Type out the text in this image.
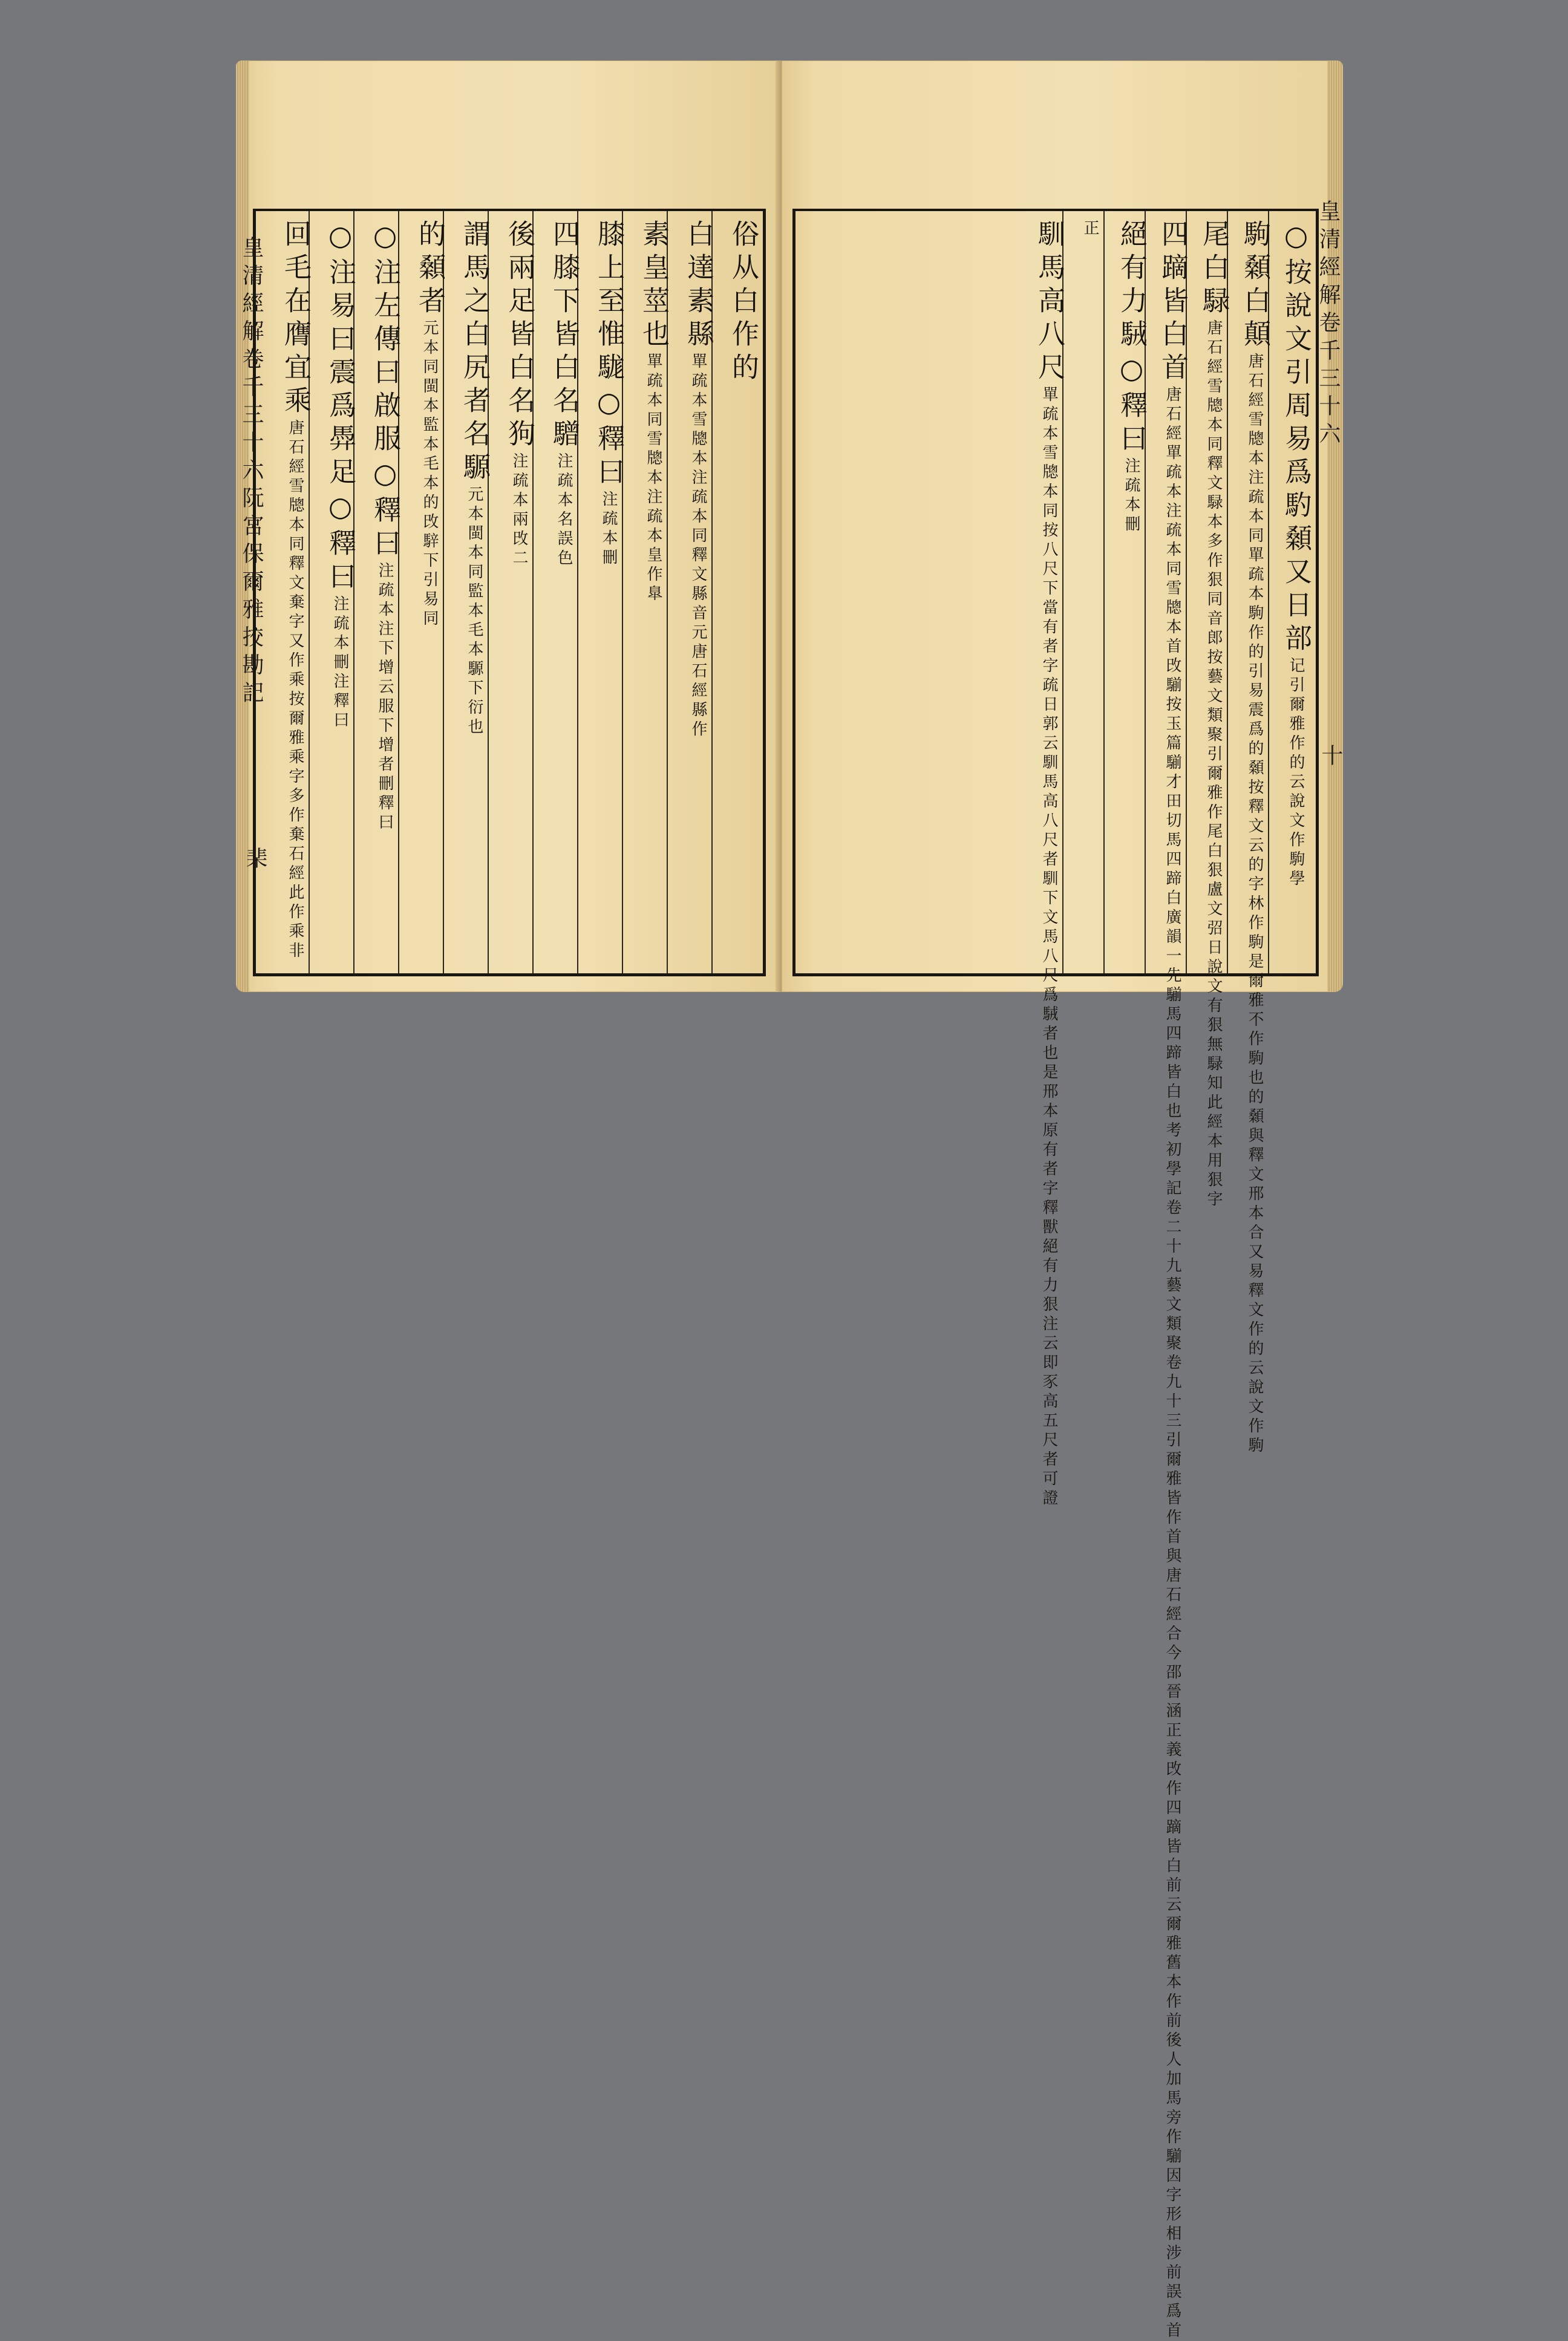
皇清經解卷千三十六阮宮保爾雅挍勘記
棐
俗从白作的
白達素縣單疏本雪牕本注疏本同釋文縣音元唐石經縣作
素皇莖也單疏本同雪牕本注疏本皇作臯
膝上至惟駹○釋曰注疏本刪
四膝下皆白名驓注疏本名誤色
後兩足皆白名狗注疏本兩攺二
謂馬之白尻者名騵元本閩本同監本毛本騵下衍也
的顙者元本同閩本監本毛本的攺騂下引易同
○注左傳曰啟服○釋曰注疏本注下增云服下增者刪釋曰
○注易曰震爲馵足○釋曰注疏本刪注釋曰
回毛在膺宜乘唐石經雪牕本同釋文棄字又作乘按爾雅乘字多作棄石經此作乘非	○按說文引周易爲馰顙又日部记引爾雅作的云說文作駒學
駒顙白顛唐石經雪牕本注疏本同單疏本駒作的引易震爲的顙按釋文云的字林作駒是爾雅不作駒也的顙與釋文邢本合又易釋文作的云說文作駒
尾白騄唐石經雪牕本同釋文騄本多作狠同音郎按藝文類聚引爾雅作尾白狠盧文弨日說文有狠無騄知此經本用狠字
四蹢皆白首唐石經單疏本注疏本同雪牕本首攺騚按玉篇騚才田切馬四蹄白廣韻一先騚馬四蹄皆白也考初學記卷二十九藝文類聚卷九十三引爾雅皆作首與唐石經合今邵晉涵正義攺作四蹢皆白前云爾雅舊本作前後人加馬旁作騚因字形相涉前誤爲首
絕有力駥○釋曰注疏本刪
正
馴馬高八尺單疏本雪牕本同按八尺下當有者字疏日郭云馴馬高八尺者馴下文馬八尺爲駥者也是邢本原有者字釋獸絕有力狠注云即豕高五尺者可證
皇清經解卷千三十六
十
